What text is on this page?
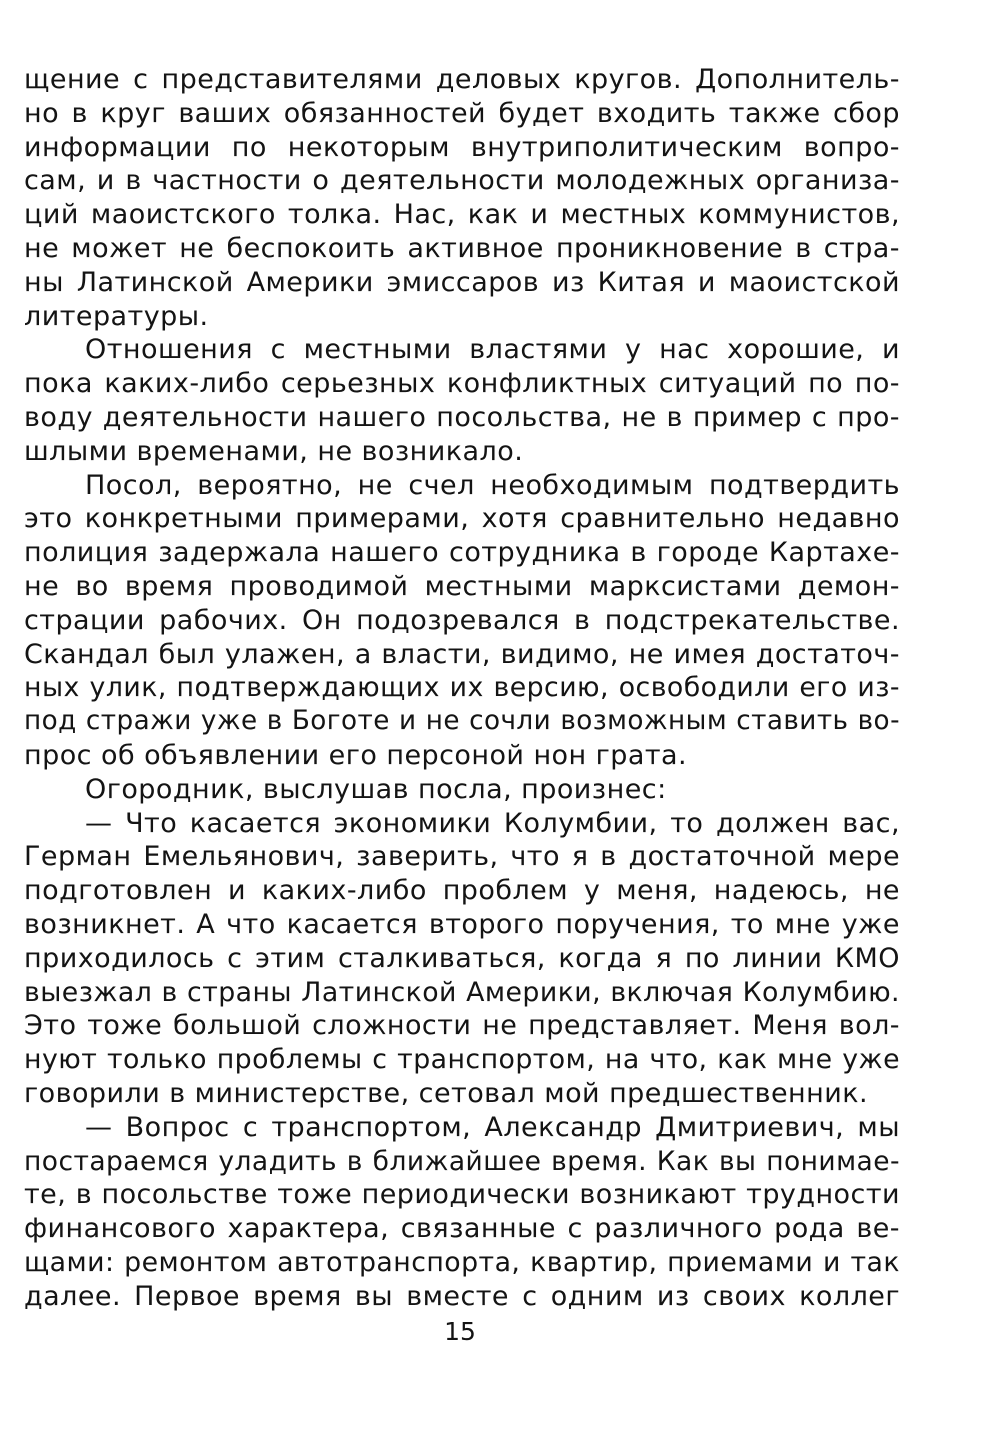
щение с представителями деловых кругов. Дополнитель-
но в круг ваших обязанностей будет входить также сбор
информации по некоторым внутриполитическим вопро-
сам, и в частности о деятельности молодежных организа-
ций маоистского толка. Нас, как и местных коммунистов,
не может не беспокоить активное проникновение в стра-
ны Латинской Америки эмиссаров из Китая и маоистской
литературы.
Отношения с местными властями у нас хорошие, и
пока каких-либо серьезных конфликтных ситуаций по по-
воду деятельности нашего посольства, не в пример с про-
шлыми временами, не возникало.
Посол, вероятно, не счел необходимым подтвердить
это конкретными примерами, хотя сравнительно недавно
полиция задержала нашего сотрудника в городе Картахе-
не во время проводимой местными марксистами демон-
страции рабочих. Он подозревался в подстрекательстве.
Скандал был улажен, а власти, видимо, не имея достаточ-
ных улик, подтверждающих их версию, освободили его из-
под стражи уже в Боготе и не сочли возможным ставить во-
прос об объявлении его персоной нон грата.
Огородник, выслушав посла, произнес:
— Что касается экономики Колумбии, то должен вас,
Герман Емельянович, заверить, что я в достаточной мере
подготовлен и каких-либо проблем у меня, надеюсь, не
возникнет. А что касается второго поручения, то мне уже
приходилось с этим сталкиваться, когда я по линии КМО
выезжал в страны Латинской Америки, включая Колумбию.
Это тоже большой сложности не представляет. Меня вол-
нуют только проблемы с транспортом, на что, как мне уже
говорили в министерстве, сетовал мой предшественник.
— Вопрос с транспортом, Александр Дмитриевич, мы
постараемся уладить в ближайшее время. Как вы понимае-
те, в посольстве тоже периодически возникают трудности
финансового характера, связанные с различного рода ве-
щами: ремонтом автотранспорта, квартир, приемами и так
далее. Первое время вы вместе с одним из своих коллег
15
